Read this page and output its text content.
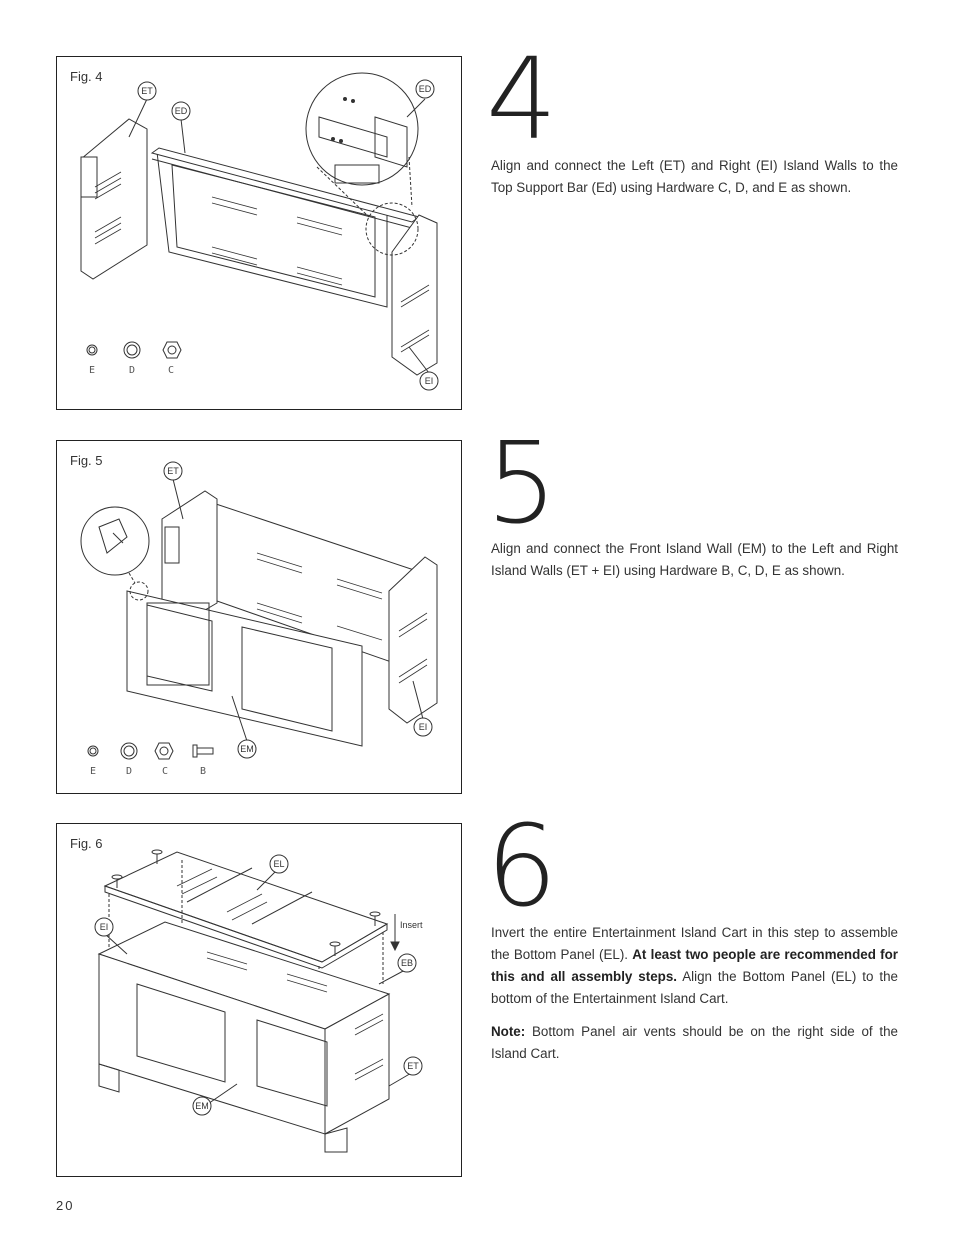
Fig. 4
ET
ED
ED
EI
E	D	C
4

Align and connect the Left (ET) and Right (EI) Island Walls to the Top Support Bar (Ed) using Hardware C, D, and E as shown.

Fig. 5
ET
EI
EM
E	D	C	B
5

Align and connect the Front Island Wall (EM) to the Left and Right Island Walls (ET + EI) using Hardware B, C, D, E as shown.

Fig. 6
Insert
EL
EI
EB
ET
EM
6

Invert the entire Entertainment Island Cart in this step to assemble the Bottom Panel (EL). At least two people are recommended for this and all assembly steps. Align the Bottom Panel (EL) to the bottom of the Entertainment Island Cart.

Note: Bottom Panel air vents should be on the right side of the Island Cart.

20
